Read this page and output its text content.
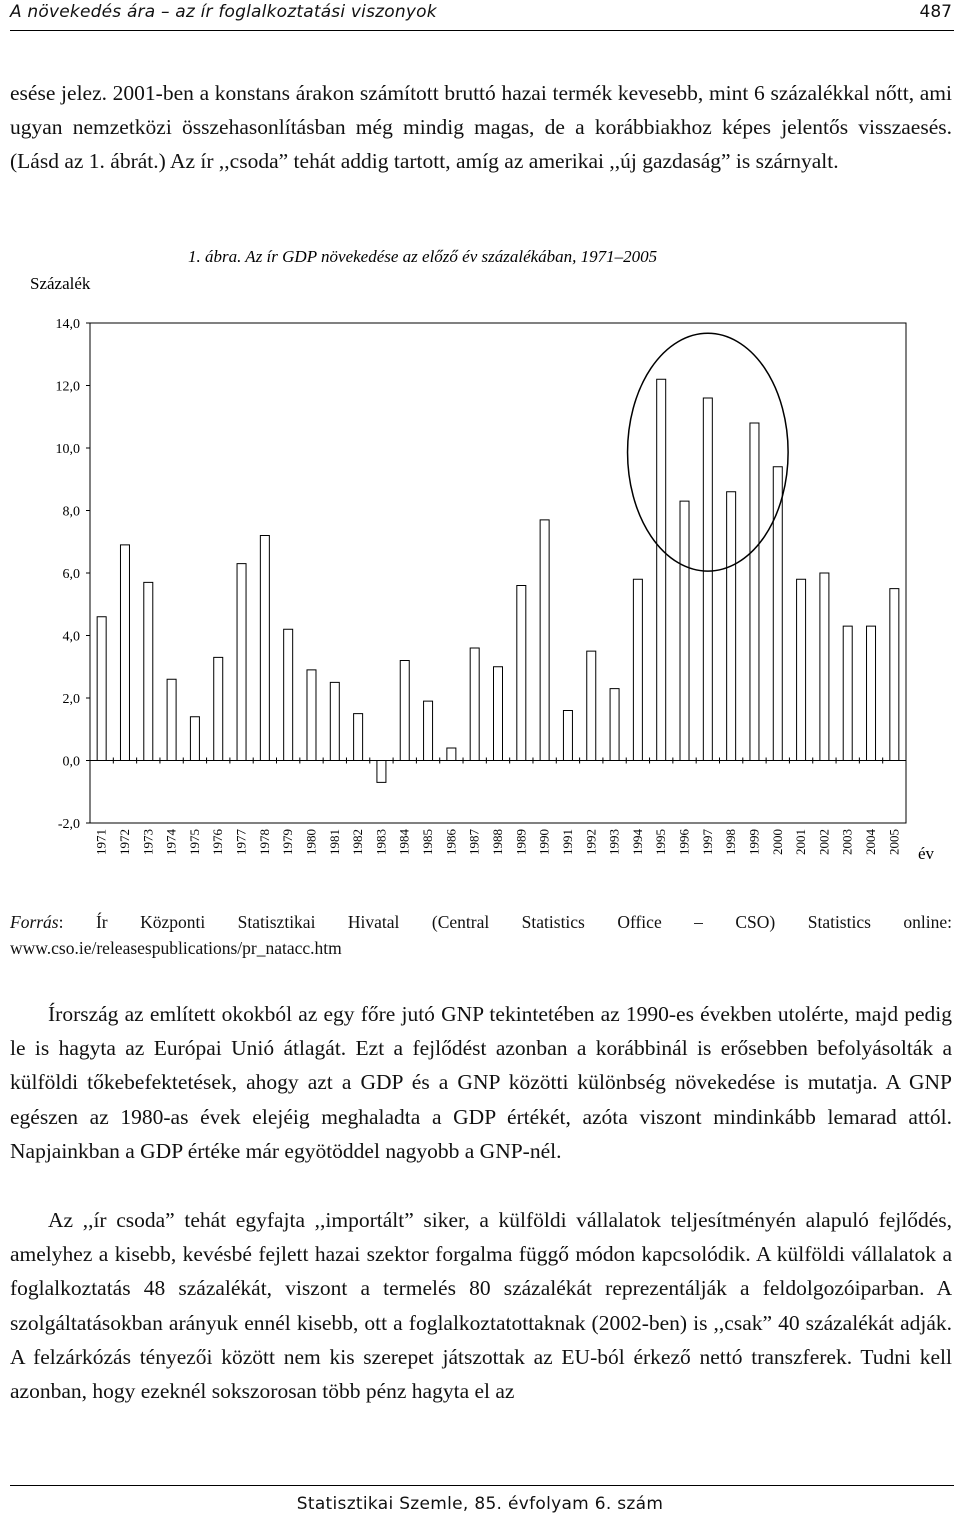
A növekedés ára – az ír foglalkoztatási viszonyok	487

esése jelez. 2001-ben a konstans árakon számított bruttó hazai termék kevesebb, mint 6 százalékkal nőtt, ami ugyan nemzetközi összehasonlításban még mindig magas, de a korábbiakhoz képes jelentős visszaesés. (Lásd az 1. ábrát.) Az ír ,,csoda” tehát addig tartott, amíg az amerikai ,,új gazdaság” is szárnyalt.

1. ábra. Az ír GDP növekedése az előző év százalékában, 1971–2005
Százalék
év
14,0
12,0
10,0
8,0
6,0
4,0
2,0
0,0
-2,0
1971 1972 1973 1974 1975 1976 1977 1978 1979 1980 1981 1982 1983 1984 1985 1986 1987 1988 1989 1990 1991 1992 1993 1994 1995 1996 1997 1998 1999 2000 2001 2002 2003 2004 2005

Forrás: Ír Központi Statisztikai Hivatal (Central Statistics Office – CSO) Statistics online: www.cso.ie/releasespublications/pr_natacc.htm

Írország az említett okokból az egy főre jutó GNP tekintetében az 1990-es években utolérte, majd pedig le is hagyta az Európai Unió átlagát. Ezt a fejlődést azonban a korábbinál is erősebben befolyásolták a külföldi tőkebefektetések, ahogy azt a GDP és a GNP közötti különbség növekedése is mutatja. A GNP egészen az 1980-as évek elejéig meghaladta a GDP értékét, azóta viszont mindinkább lemarad attól. Napjainkban a GDP értéke már egyötöddel nagyobb a GNP-nél.

Az ,,ír csoda” tehát egyfajta ,,importált” siker, a külföldi vállalatok teljesítményén alapuló fejlődés, amelyhez a kisebb, kevésbé fejlett hazai szektor forgalma függő módon kapcsolódik. A külföldi vállalatok a foglalkoztatás 48 százalékát, viszont a termelés 80 százalékát reprezentálják a feldolgozóiparban. A szolgáltatásokban arányuk ennél kisebb, ott a foglalkoztatottaknak (2002-ben) is ,,csak” 40 százalékát adják. A felzárkózás tényezői között nem kis szerepet játszottak az EU-ból érkező nettó transzferek. Tudni kell azonban, hogy ezeknél sokszorosan több pénz hagyta el az

Statisztikai Szemle, 85. évfolyam 6. szám
